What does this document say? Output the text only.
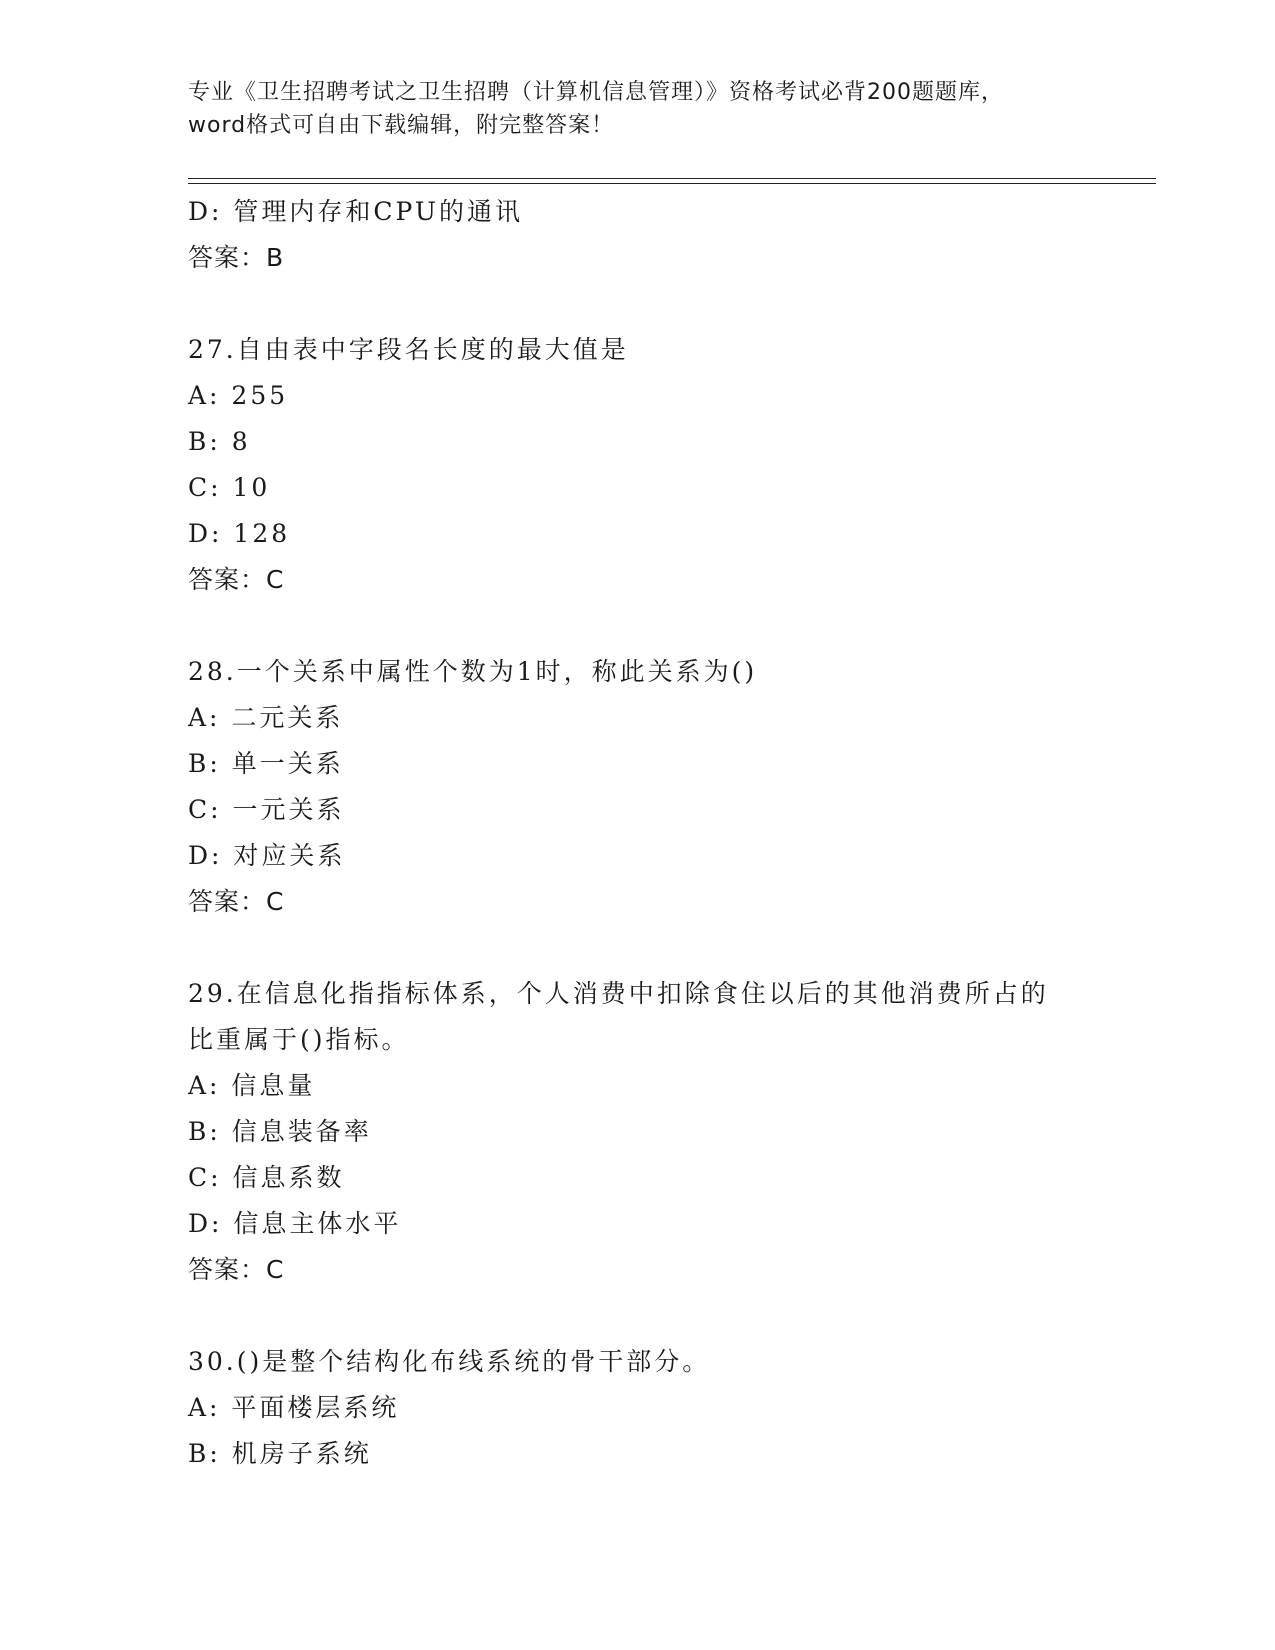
专业《卫生招聘考试之卫生招聘（计算机信息管理）》资格考试必背200题题库，
word格式可自由下载编辑，附完整答案！
D: 管理内存和CPU的通讯
答案：B
27.自由表中字段名长度的最大值是
A: 255
B: 8
C: 10
D: 128
答案：C
28.一个关系中属性个数为1时，称此关系为()
A: 二元关系
B: 单一关系
C: 一元关系
D: 对应关系
答案：C
29.在信息化指指标体系，个人消费中扣除食住以后的其他消费所占的
比重属于()指标。
A: 信息量
B: 信息装备率
C: 信息系数
D: 信息主体水平
答案：C
30.()是整个结构化布线系统的骨干部分。
A: 平面楼层系统
B: 机房子系统
